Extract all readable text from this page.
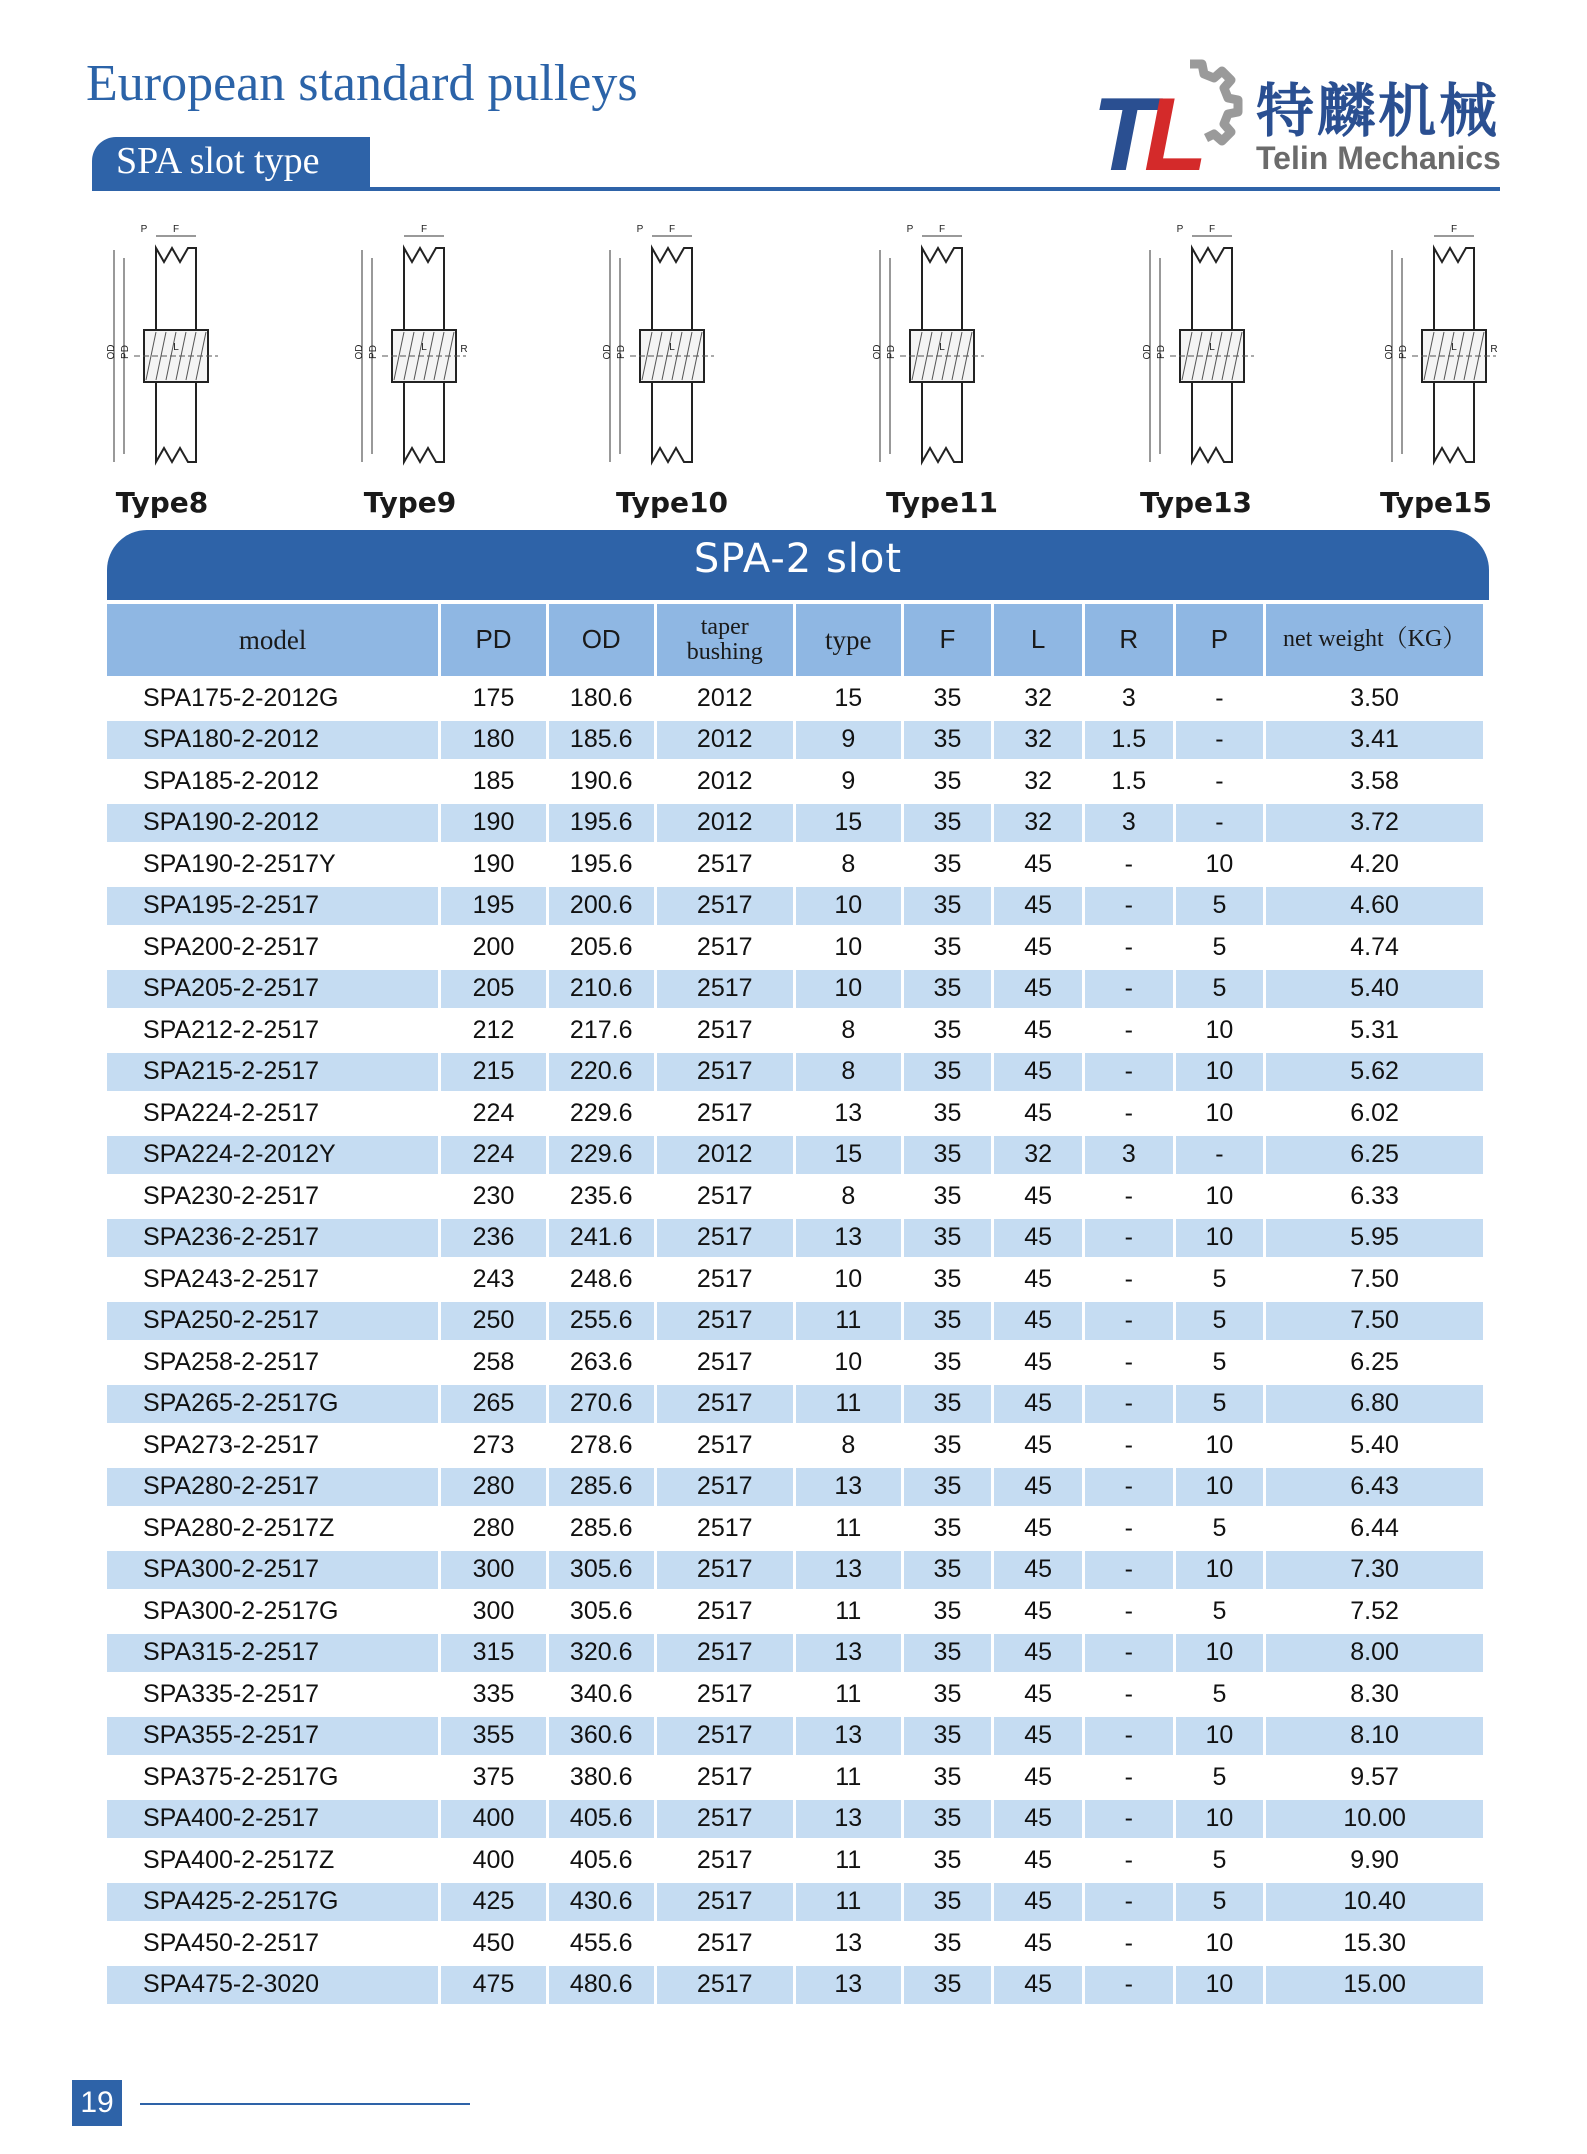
European standard pulleys
SPA slot type	T
L 特麟机械
Telin Mechanics
OD PD
F
L
P
Type8
OD PD
F
L	R
Type9
OD PD
F
L
P
Type10
OD PD
F
L
P
Type11
OD PD
F
L
P
Type13
OD PD
F
L	R
Type15
SPA-2 slot
model	PD	OD	taper
bushing	type	F	L	R	P	net weight（KG）
SPA175-2-2012G	175	180.6	2012	15	35	32	3	-	3.50
SPA180-2-2012	180	185.6	2012	9	35	32	1.5	-	3.41
SPA185-2-2012	185	190.6	2012	9	35	32	1.5	-	3.58
SPA190-2-2012	190	195.6	2012	15	35	32	3	-	3.72
SPA190-2-2517Y	190	195.6	2517	8	35	45	-	10	4.20
SPA195-2-2517	195	200.6	2517	10	35	45	-	5	4.60
SPA200-2-2517	200	205.6	2517	10	35	45	-	5	4.74
SPA205-2-2517	205	210.6	2517	10	35	45	-	5	5.40
SPA212-2-2517	212	217.6	2517	8	35	45	-	10	5.31
SPA215-2-2517	215	220.6	2517	8	35	45	-	10	5.62
SPA224-2-2517	224	229.6	2517	13	35	45	-	10	6.02
SPA224-2-2012Y	224	229.6	2012	15	35	32	3	-	6.25
SPA230-2-2517	230	235.6	2517	8	35	45	-	10	6.33
SPA236-2-2517	236	241.6	2517	13	35	45	-	10	5.95
SPA243-2-2517	243	248.6	2517	10	35	45	-	5	7.50
SPA250-2-2517	250	255.6	2517	11	35	45	-	5	7.50
SPA258-2-2517	258	263.6	2517	10	35	45	-	5	6.25
SPA265-2-2517G	265	270.6	2517	11	35	45	-	5	6.80
SPA273-2-2517	273	278.6	2517	8	35	45	-	10	5.40
SPA280-2-2517	280	285.6	2517	13	35	45	-	10	6.43
SPA280-2-2517Z	280	285.6	2517	11	35	45	-	5	6.44
SPA300-2-2517	300	305.6	2517	13	35	45	-	10	7.30
SPA300-2-2517G	300	305.6	2517	11	35	45	-	5	7.52
SPA315-2-2517	315	320.6	2517	13	35	45	-	10	8.00
SPA335-2-2517	335	340.6	2517	11	35	45	-	5	8.30
SPA355-2-2517	355	360.6	2517	13	35	45	-	10	8.10
SPA375-2-2517G	375	380.6	2517	11	35	45	-	5	9.57
SPA400-2-2517	400	405.6	2517	13	35	45	-	10	10.00
SPA400-2-2517Z	400	405.6	2517	11	35	45	-	5	9.90
SPA425-2-2517G	425	430.6	2517	11	35	45	-	5	10.40
SPA450-2-2517	450	455.6	2517	13	35	45	-	10	15.30
SPA475-2-3020	475	480.6	2517	13	35	45	-	10	15.00
19
